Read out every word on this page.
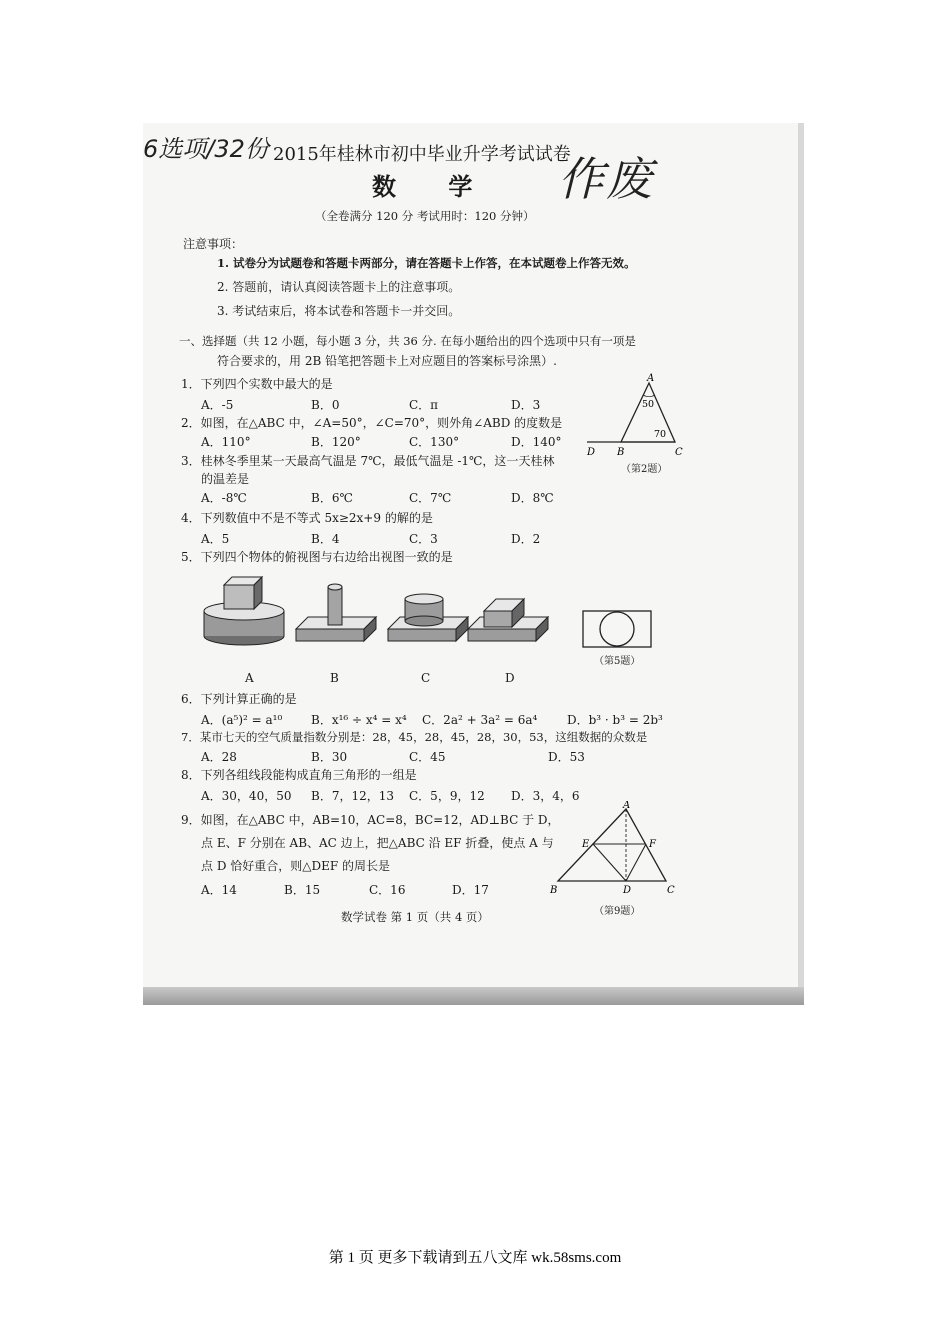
6选项/32份
作废
2015年桂林市初中毕业升学考试试卷
数 学
（全卷满分 120 分 考试用时：120 分钟）
注意事项：
1. 试卷分为试题卷和答题卡两部分，请在答题卡上作答，在本试题卷上作答无效。
2. 答题前，请认真阅读答题卡上的注意事项。
3. 考试结束后，将本试卷和答题卡一并交回。
一、选择题（共 12 小题，每小题 3 分，共 36 分. 在每小题给出的四个选项中只有一项是
符合要求的，用 2B 铅笔把答题卡上对应题目的答案标号涂黑）.
1．下列四个实数中最大的是
A．-5	B．0	C．π	D．3
2．如图，在△ABC 中，∠A=50°，∠C=70°，则外角∠ABD 的度数是
A．110°	B．120°	C．130°	D．140°
3．桂林冬季里某一天最高气温是 7℃，最低气温是 -1℃，这一天桂林
的温差是
A．-8℃	B．6℃	C．7℃	D．8℃
4．下列数值中不是不等式 5x≥2x+9 的解的是
A．5	B．4	C．3	D．2
5．下列四个物体的俯视图与右边给出视图一致的是
A	B	C	D
（第5题）
6．下列计算正确的是
A．(a⁵)² = a¹⁰ B．x¹⁶ ÷ x⁴ = x⁴ C．2a² + 3a² = 6a⁴ D．b³ · b³ = 2b³
7．某市七天的空气质量指数分别是：28，45，28，45，28，30，53，这组数据的众数是
A．28	B．30	C．45	D．53
8．下列各组线段能构成直角三角形的一组是
A．30，40，50 B．7，12，13 C．5，9，12 D．3，4，6
9．如图，在△ABC 中，AB=10，AC=8，BC=12，AD⊥BC 于 D，
点 E、F 分别在 AB、AC 边上，把△ABC 沿 EF 折叠，使点 A 与
点 D 恰好重合，则△DEF 的周长是
A．14	B．15	C．16	D．17
A
50
70
D B	C
（第2题）
A
E	F
B	D	C
（第9题）
数学试卷 第 1 页（共 4 页）
第 1 页 更多下载请到五八文库 wk.58sms.com
